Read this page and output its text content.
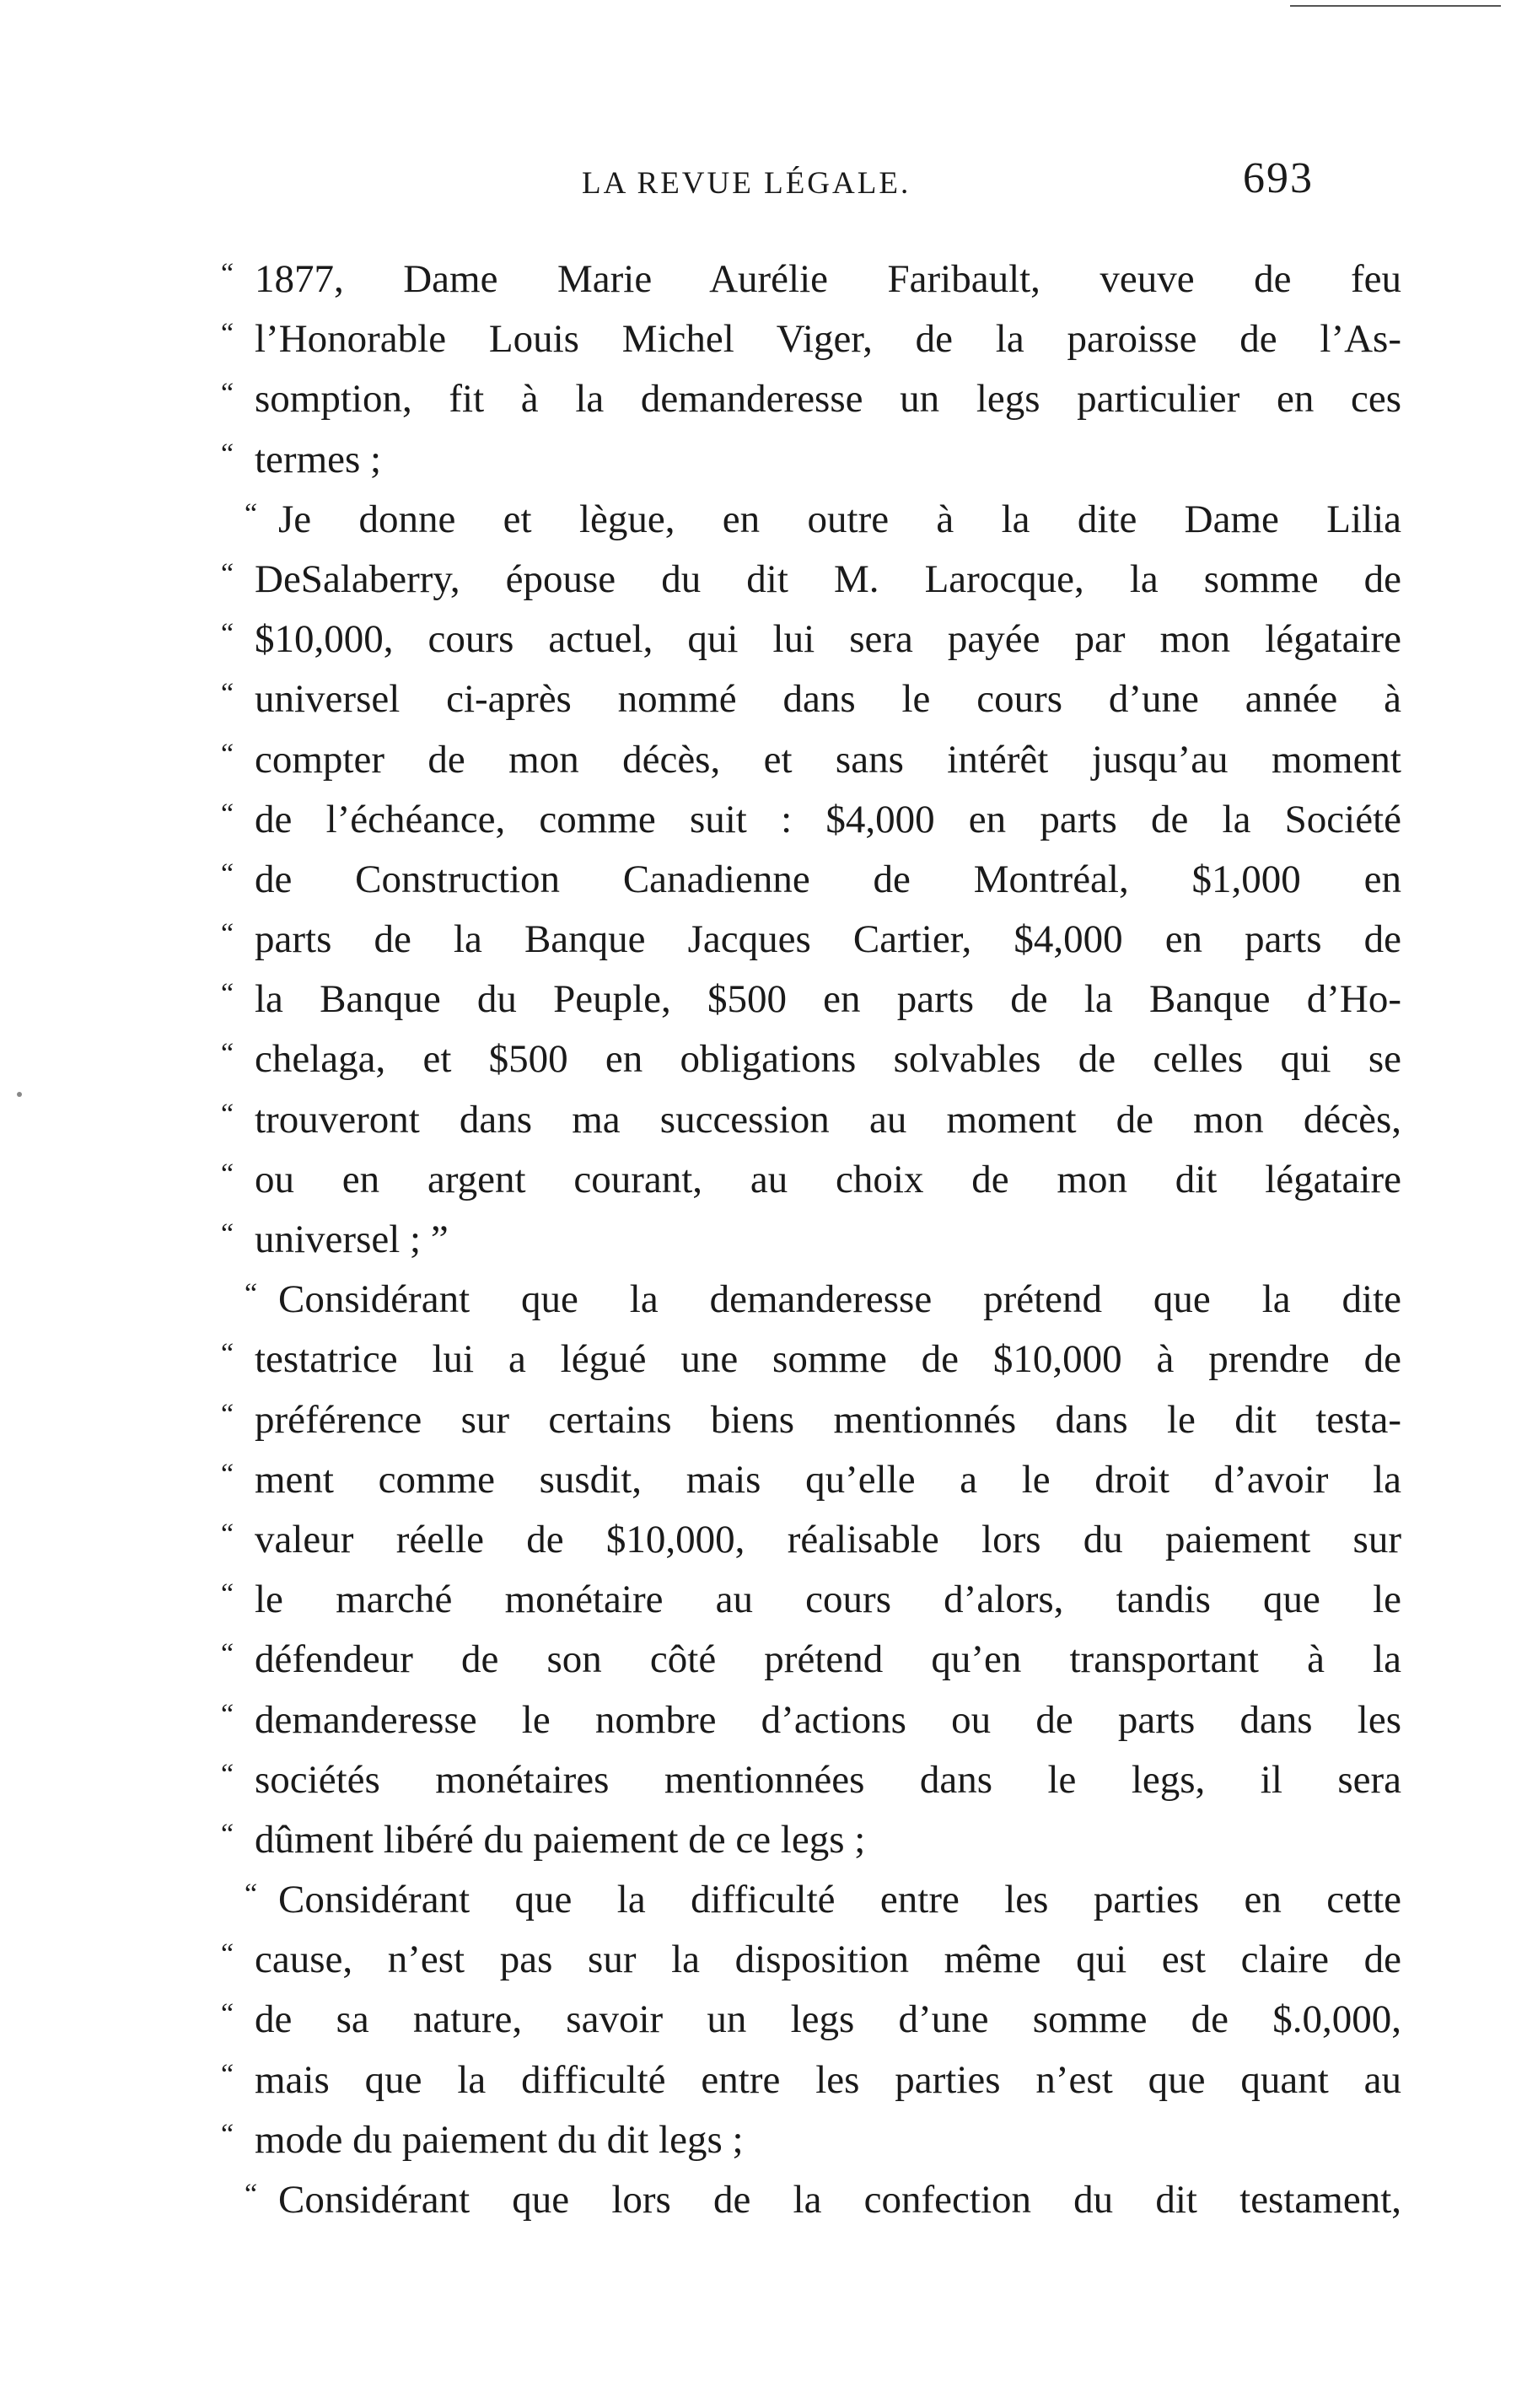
LA REVUE LÉGALE.	693
“ 1877, Dame Marie Aurélie Faribault, veuve de feu
“ l’Honorable Louis Michel Viger, de la paroisse de l’As-
“ somption, fit à la demanderesse un legs particulier en ces
“ termes ;
“ Je donne et lègue, en outre à la dite Dame Lilia
“ DeSalaberry, épouse du dit M. Larocque, la somme de
“ $10,000, cours actuel, qui lui sera payée par mon légataire
“ universel ci-après nommé dans le cours d’une année à
“ compter de mon décès, et sans intérêt jusqu’au moment
“ de l’échéance, comme suit : $4,000 en parts de la Société
“ de Construction Canadienne de Montréal, $1,000 en
“ parts de la Banque Jacques Cartier, $4,000 en parts de
“ la Banque du Peuple, $500 en parts de la Banque d’Ho-
“ chelaga, et $500 en obligations solvables de celles qui se
“ trouveront dans ma succession au moment de mon décès,
“ ou en argent courant, au choix de mon dit légataire
“ universel ; ”
“ Considérant que la demanderesse prétend que la dite
“ testatrice lui a légué une somme de $10,000 à prendre de
“ préférence sur certains biens mentionnés dans le dit testa-
“ ment comme susdit, mais qu’elle a le droit d’avoir la
“ valeur réelle de $10,000, réalisable lors du paiement sur
“ le marché monétaire au cours d’alors, tandis que le
“ défendeur de son côté prétend qu’en transportant à la
“ demanderesse le nombre d’actions ou de parts dans les
“ sociétés monétaires mentionnées dans le legs, il sera
“ dûment libéré du paiement de ce legs ;
“ Considérant que la difficulté entre les parties en cette
“ cause, n’est pas sur la disposition même qui est claire de
“ de sa nature, savoir un legs d’une somme de $.0,000,
“ mais que la difficulté entre les parties n’est que quant au
“ mode du paiement du dit legs ;
“ Considérant que lors de la confection du dit testament,
